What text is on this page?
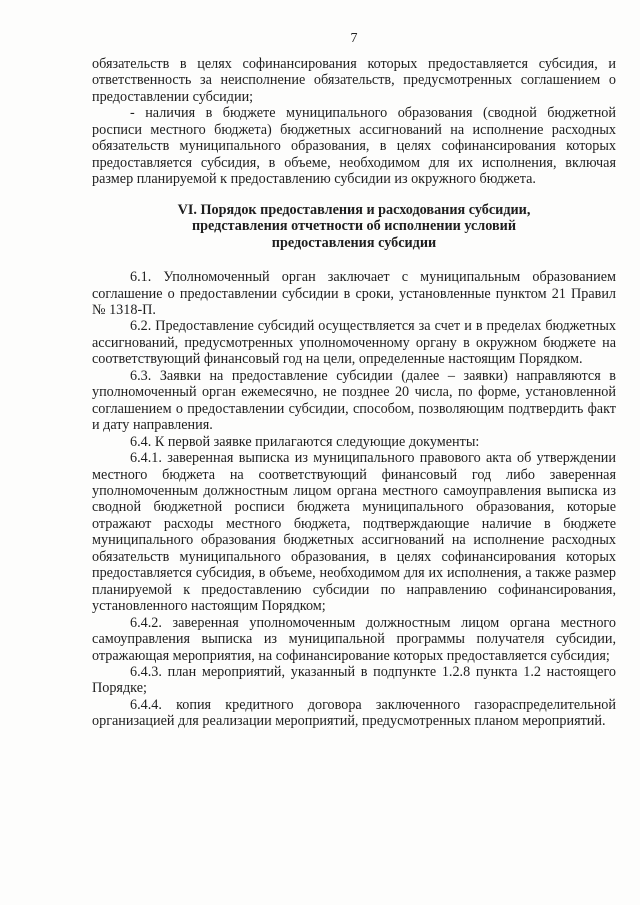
7

обязательств в целях софинансирования которых предоставляется субсидия, и ответственность за неисполнение обязательств, предусмотренных соглашением о предоставлении субсидии;

- наличия в бюджете муниципального образования (сводной бюджетной росписи местного бюджета) бюджетных ассигнований на исполнение расходных обязательств муниципального образования, в целях софинансирования которых предоставляется субсидия, в объеме, необходимом для их исполнения, включая размер планируемой к предоставлению субсидии из окружного бюджета.

VI. Порядок предоставления и расходования субсидии,
представления отчетности об исполнении условий
предоставления субсидии

6.1. Уполномоченный орган заключает с муниципальным образованием соглашение о предоставлении субсидии в сроки, установленные пунктом 21 Правил № 1318-П.

6.2. Предоставление субсидий осуществляется за счет и в пределах бюджетных ассигнований, предусмотренных уполномоченному органу в окружном бюджете на соответствующий финансовый год на цели, определенные настоящим Порядком.

6.3. Заявки на предоставление субсидии (далее – заявки) направляются в уполномоченный орган ежемесячно, не позднее 20 числа, по форме, установленной соглашением о предоставлении субсидии, способом, позволяющим подтвердить факт и дату направления.

6.4. К первой заявке прилагаются следующие документы:

6.4.1. заверенная выписка из муниципального правового акта об утверждении местного бюджета на соответствующий финансовый год либо заверенная уполномоченным должностным лицом органа местного самоуправления выписка из сводной бюджетной росписи бюджета муниципального образования, которые отражают расходы местного бюджета, подтверждающие наличие в бюджете муниципального образования бюджетных ассигнований на исполнение расходных обязательств муниципального образования, в целях софинансирования которых предоставляется субсидия, в объеме, необходимом для их исполнения, а также размер планируемой к предоставлению субсидии по направлению софинансирования, установленного настоящим Порядком;

6.4.2. заверенная уполномоченным должностным лицом органа местного самоуправления выписка из муниципальной программы получателя субсидии, отражающая мероприятия, на софинансирование которых предоставляется субсидия;

6.4.3. план мероприятий, указанный в подпункте 1.2.8 пункта 1.2 настоящего Порядке;

6.4.4. копия кредитного договора заключенного газораспределительной организацией для реализации мероприятий, предусмотренных планом мероприятий.
